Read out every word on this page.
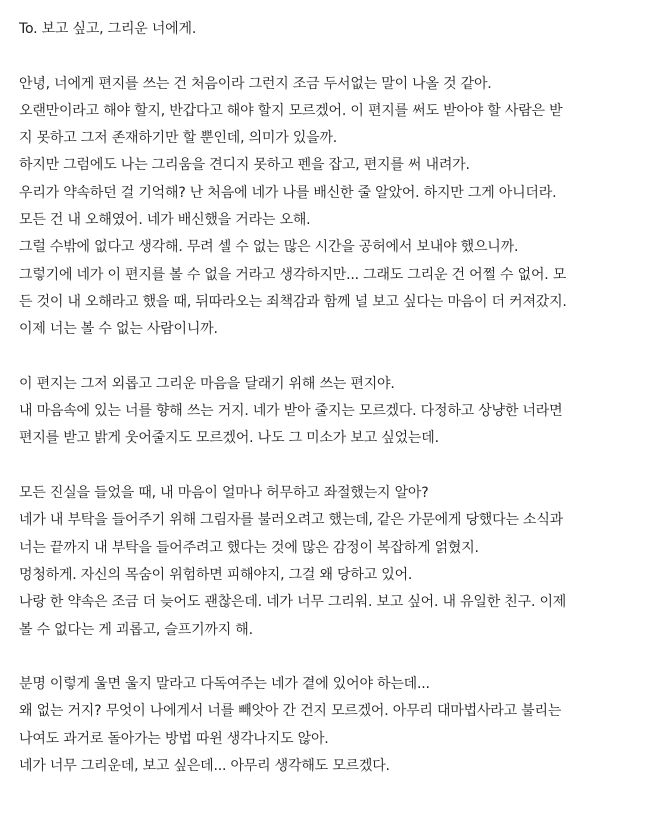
To. 보고 싶고, 그리운 너에게.
안녕, 너에게 편지를 쓰는 건 처음이라 그런지 조금 두서없는 말이 나올 것 같아.
오랜만이라고 해야 할지, 반갑다고 해야 할지 모르겠어. 이 편지를 써도 받아야 할 사람은 받
지 못하고 그저 존재하기만 할 뿐인데, 의미가 있을까.
하지만 그럼에도 나는 그리움을 견디지 못하고 펜을 잡고, 편지를 써 내려가.
우리가 약속하던 걸 기억해? 난 처음에 네가 나를 배신한 줄 알았어. 하지만 그게 아니더라.
모든 건 내 오해였어. 네가 배신했을 거라는 오해.
그럴 수밖에 없다고 생각해. 무려 셀 수 없는 많은 시간을 공허에서 보내야 했으니까.
그렇기에 네가 이 편지를 볼 수 없을 거라고 생각하지만... 그래도 그리운 건 어쩔 수 없어. 모
든 것이 내 오해라고 했을 때, 뒤따라오는 죄책감과 함께 널 보고 싶다는 마음이 더 커져갔지.
이제 너는 볼 수 없는 사람이니까.
이 편지는 그저 외롭고 그리운 마음을 달래기 위해 쓰는 편지야.
내 마음속에 있는 너를 향해 쓰는 거지. 네가 받아 줄지는 모르겠다. 다정하고 상냥한 너라면
편지를 받고 밝게 웃어줄지도 모르겠어. 나도 그 미소가 보고 싶었는데.
모든 진실을 들었을 때, 내 마음이 얼마나 허무하고 좌절했는지 알아?
네가 내 부탁을 들어주기 위해 그림자를 불러오려고 했는데, 같은 가문에게 당했다는 소식과
너는 끝까지 내 부탁을 들어주려고 했다는 것에 많은 감정이 복잡하게 얽혔지.
멍청하게. 자신의 목숨이 위험하면 피해야지, 그걸 왜 당하고 있어.
나랑 한 약속은 조금 더 늦어도 괜찮은데. 네가 너무 그리워. 보고 싶어. 내 유일한 친구. 이제
볼 수 없다는 게 괴롭고, 슬프기까지 해.
분명 이렇게 울면 울지 말라고 다독여주는 네가 곁에 있어야 하는데...
왜 없는 거지? 무엇이 나에게서 너를 빼앗아 간 건지 모르겠어. 아무리 대마법사라고 불리는
나여도 과거로 돌아가는 방법 따윈 생각나지도 않아.
네가 너무 그리운데, 보고 싶은데... 아무리 생각해도 모르겠다.
